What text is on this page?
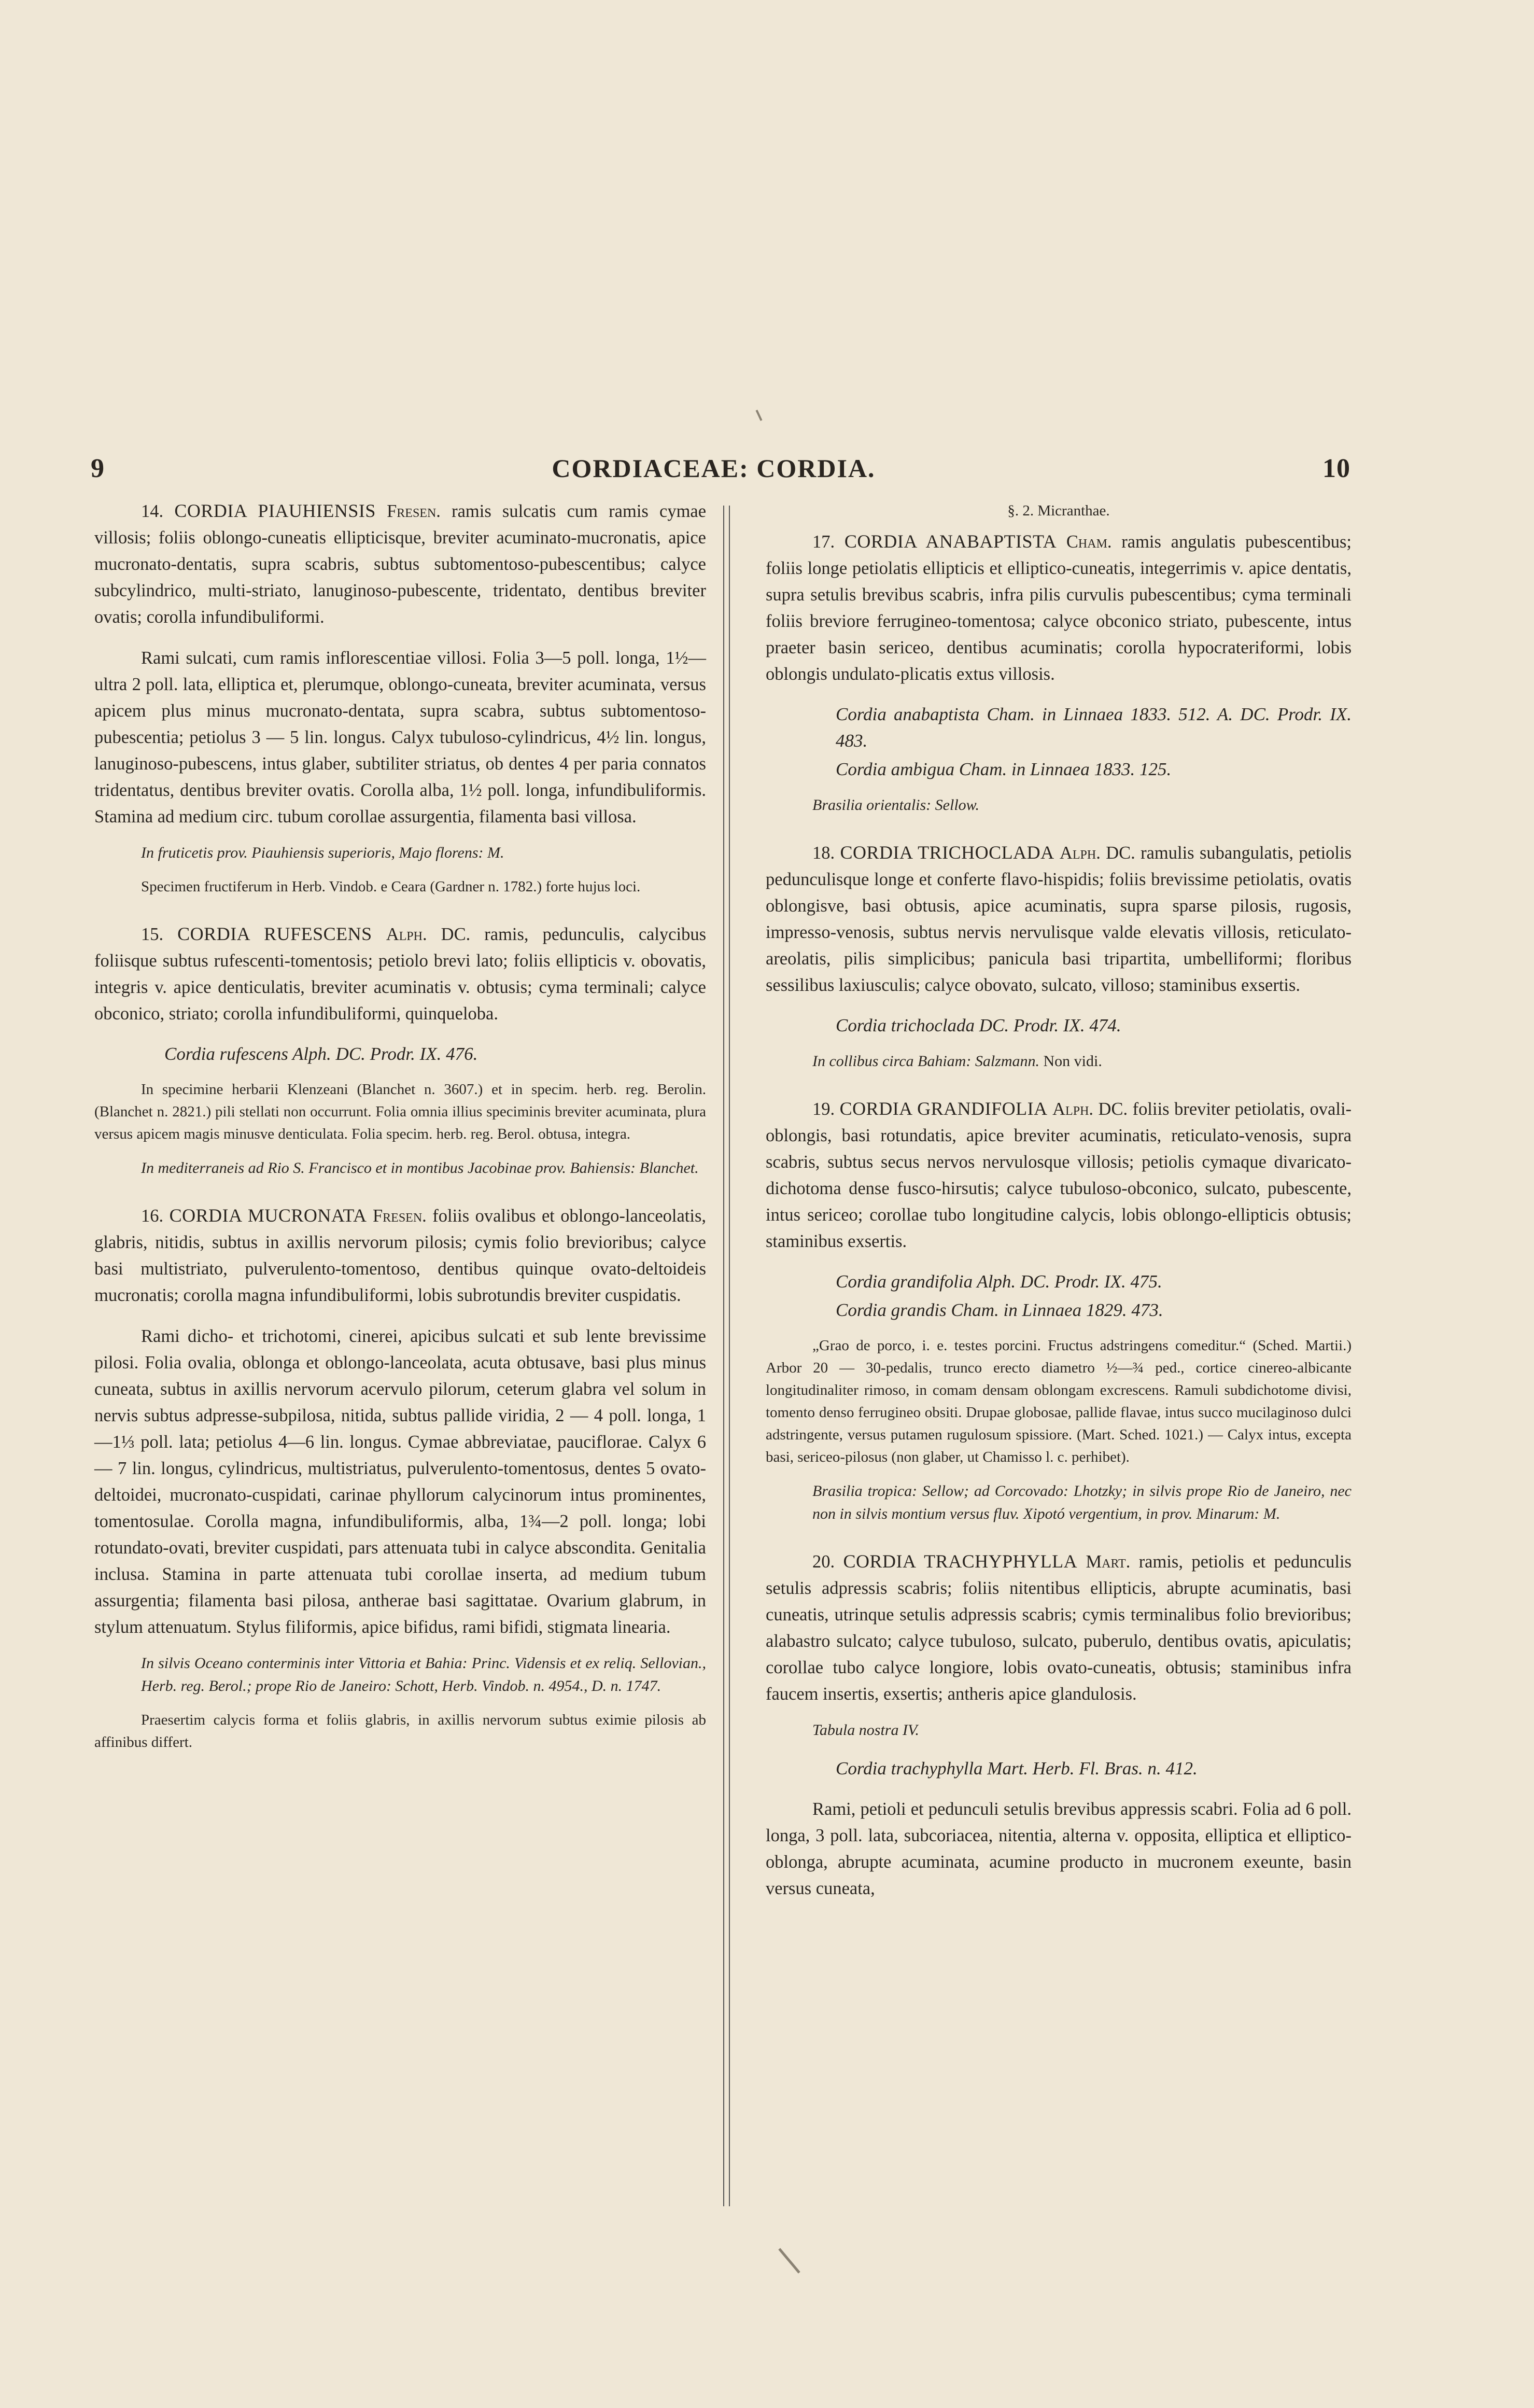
9	CORDIACEAE: CORDIA.	10

14. CORDIA PIAUHIENSIS Fresen. ramis sulcatis cum ramis cymae villosis; foliis oblongo-cuneatis ellipticisque, breviter acuminato-mucronatis, apice mucronato-dentatis, supra scabris, subtus subtomentoso-pubescentibus; calyce subcylindrico, multi-striato, lanuginoso-pubescente, tridentato, dentibus breviter ovatis; corolla infundibuliformi.

Rami sulcati, cum ramis inflorescentiae villosi. Folia 3—5 poll. longa, 1½— ultra 2 poll. lata, elliptica et, plerumque, oblongo-cuneata, breviter acuminata, versus apicem plus minus mucronato-dentata, supra scabra, subtus subtomentoso-pubescentia; petiolus 3 — 5 lin. longus. Calyx tubuloso-cylindricus, 4½ lin. longus, lanuginoso-pubescens, intus glaber, subtiliter striatus, ob dentes 4 per paria connatos tridentatus, dentibus breviter ovatis. Corolla alba, 1½ poll. longa, infundibuliformis. Stamina ad medium circ. tubum corollae assurgentia, filamenta basi villosa.

In fruticetis prov. Piauhiensis superioris, Majo florens: M.

Specimen fructiferum in Herb. Vindob. e Ceara (Gardner n. 1782.) forte hujus loci.

15. CORDIA RUFESCENS Alph. DC. ramis, pedunculis, calycibus foliisque subtus rufescenti-tomentosis; petiolo brevi lato; foliis ellipticis v. obovatis, integris v. apice denticulatis, breviter acuminatis v. obtusis; cyma terminali; calyce obconico, striato; corolla infundibuliformi, quinqueloba.

Cordia rufescens Alph. DC. Prodr. IX. 476.

In specimine herbarii Klenzeani (Blanchet n. 3607.) et in specim. herb. reg. Berolin. (Blanchet n. 2821.) pili stellati non occurrunt. Folia omnia illius speciminis breviter acuminata, plura versus apicem magis minusve denticulata. Folia specim. herb. reg. Berol. obtusa, integra.

In mediterraneis ad Rio S. Francisco et in montibus Jacobinae prov. Bahiensis: Blanchet.

16. CORDIA MUCRONATA Fresen. foliis ovalibus et oblongo-lanceolatis, glabris, nitidis, subtus in axillis nervorum pilosis; cymis folio brevioribus; calyce basi multistriato, pulverulento-tomentoso, dentibus quinque ovato-deltoideis mucronatis; corolla magna infundibuliformi, lobis subrotundis breviter cuspidatis.

Rami dicho- et trichotomi, cinerei, apicibus sulcati et sub lente brevissime pilosi. Folia ovalia, oblonga et oblongo-lanceolata, acuta obtusave, basi plus minus cuneata, subtus in axillis nervorum acervulo pilorum, ceterum glabra vel solum in nervis subtus adpresse-subpilosa, nitida, subtus pallide viridia, 2 — 4 poll. longa, 1—1⅓ poll. lata; petiolus 4—6 lin. longus. Cymae abbreviatae, pauciflorae. Calyx 6 — 7 lin. longus, cylindricus, multistriatus, pulverulento-tomentosus, dentes 5 ovato-deltoidei, mucronato-cuspidati, carinae phyllorum calycinorum intus prominentes, tomentosulae. Corolla magna, infundibuliformis, alba, 1¾—2 poll. longa; lobi rotundato-ovati, breviter cuspidati, pars attenuata tubi in calyce abscondita. Genitalia inclusa. Stamina in parte attenuata tubi corollae inserta, ad medium tubum assurgentia; filamenta basi pilosa, antherae basi sagittatae. Ovarium glabrum, in stylum attenuatum. Stylus filiformis, apice bifidus, rami bifidi, stigmata linearia.

In silvis Oceano conterminis inter Vittoria et Bahia: Princ. Vidensis et ex reliq. Sellovian., Herb. reg. Berol.; prope Rio de Janeiro: Schott, Herb. Vindob. n. 4954., D. n. 1747.

Praesertim calycis forma et foliis glabris, in axillis nervorum subtus eximie pilosis ab affinibus differt.

§. 2. Micranthae.

17. CORDIA ANABAPTISTA Cham. ramis angulatis pubescentibus; foliis longe petiolatis ellipticis et elliptico-cuneatis, integerrimis v. apice dentatis, supra setulis brevibus scabris, infra pilis curvulis pubescentibus; cyma terminali foliis breviore ferrugineo-tomentosa; calyce obconico striato, pubescente, intus praeter basin sericeo, dentibus acuminatis; corolla hypocrateriformi, lobis oblongis undulato-plicatis extus villosis.

Cordia anabaptista Cham. in Linnaea 1833. 512. A. DC. Prodr. IX. 483.

Cordia ambigua Cham. in Linnaea 1833. 125.

Brasilia orientalis: Sellow.

18. CORDIA TRICHOCLADA Alph. DC. ramulis subangulatis, petiolis pedunculisque longe et conferte flavo-hispidis; foliis brevissime petiolatis, ovatis oblongisve, basi obtusis, apice acuminatis, supra sparse pilosis, rugosis, impresso-venosis, subtus nervis nervulisque valde elevatis villosis, reticulato-areolatis, pilis simplicibus; panicula basi tripartita, umbelliformi; floribus sessilibus laxiusculis; calyce obovato, sulcato, villoso; staminibus exsertis.

Cordia trichoclada DC. Prodr. IX. 474.

In collibus circa Bahiam: Salzmann. Non vidi.

19. CORDIA GRANDIFOLIA Alph. DC. foliis breviter petiolatis, ovali-oblongis, basi rotundatis, apice breviter acuminatis, reticulato-venosis, supra scabris, subtus secus nervos nervulosque villosis; petiolis cymaque divaricato-dichotoma dense fusco-hirsutis; calyce tubuloso-obconico, sulcato, pubescente, intus sericeo; corollae tubo longitudine calycis, lobis oblongo-ellipticis obtusis; staminibus exsertis.

Cordia grandifolia Alph. DC. Prodr. IX. 475.

Cordia grandis Cham. in Linnaea 1829. 473.

„Grao de porco, i. e. testes porcini. Fructus adstringens comeditur.“ (Sched. Martii.) Arbor 20 — 30-pedalis, trunco erecto diametro ½—¾ ped., cortice cinereo-albicante longitudinaliter rimoso, in comam densam oblongam excrescens. Ramuli subdichotome divisi, tomento denso ferrugineo obsiti. Drupae globosae, pallide flavae, intus succo mucilaginoso dulci adstringente, versus putamen rugulosum spissiore. (Mart. Sched. 1021.) — Calyx intus, excepta basi, sericeo-pilosus (non glaber, ut Chamisso l. c. perhibet).

Brasilia tropica: Sellow; ad Corcovado: Lhotzky; in silvis prope Rio de Janeiro, nec non in silvis montium versus fluv. Xipotó vergentium, in prov. Minarum: M.

20. CORDIA TRACHYPHYLLA Mart. ramis, petiolis et pedunculis setulis adpressis scabris; foliis nitentibus ellipticis, abrupte acuminatis, basi cuneatis, utrinque setulis adpressis scabris; cymis terminalibus folio brevioribus; alabastro sulcato; calyce tubuloso, sulcato, puberulo, dentibus ovatis, apiculatis; corollae tubo calyce longiore, lobis ovato-cuneatis, obtusis; staminibus infra faucem insertis, exsertis; antheris apice glandulosis.

Tabula nostra IV.

Cordia trachyphylla Mart. Herb. Fl. Bras. n. 412.

Rami, petioli et pedunculi setulis brevibus appressis scabri. Folia ad 6 poll. longa, 3 poll. lata, subcoriacea, nitentia, alterna v. opposita, elliptica et elliptico-oblonga, abrupte acuminata, acumine producto in mucronem exeunte, basin versus cuneata,
